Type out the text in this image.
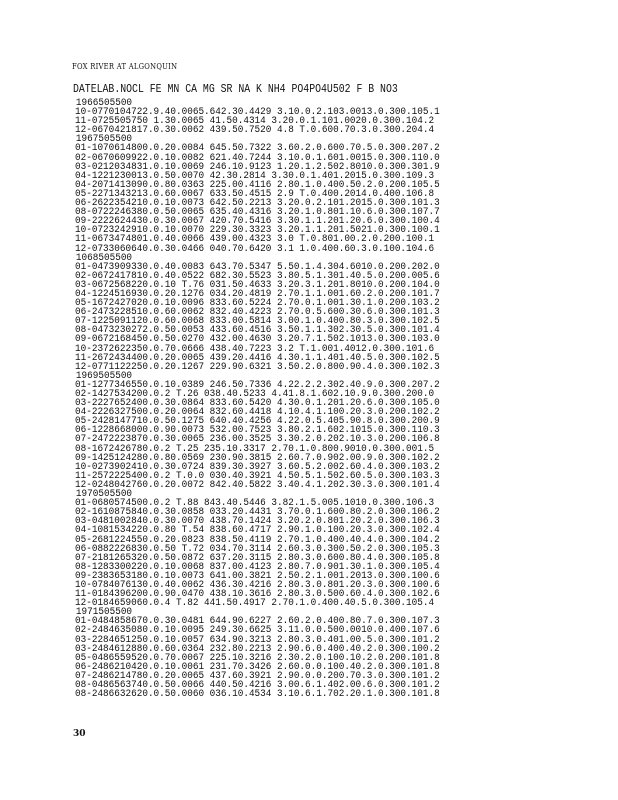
FOX RIVER AT ALGONQUIN
DATELAB.NOCL FE MN CA MG SR NA K NH4 PO4PO4U502 F B NO3
1966505500
10-0770104722.9.40.0065.642.30.4429 3.10.0.2.103.0013.0.300.105.1
11-0725505750 1.30.0065 41.50.4314 3.20.0.1.101.0020.0.300.104.2
12-0670421817.0.30.0062 439.50.7520 4.8 T.0.600.70.3.0.300.204.4
1967505500
01-1070614800.0.20.0084 645.50.7322 3.60.2.0.600.70.5.0.300.207.2
02-0670609922.0.10.0082 621.40.7244 3.10.0.1.601.0015.0.300.110.0
03-0212034831.0.10.0069 246.10.9123 1.20.1.2.502.8010.0.300.301.9
04-1221230013.0.50.0070 42.30.2814 3.30.0.1.401.2015.0.300.109.3
04-2071413090.0.80.0363 225.00.4116 2.80.1.0.400.50.2.0.200.105.5
05-2271343213.0.60.0067 633.50.4515 2.9 T.0.400.2014.0.400.106.8
06-2622354210.0.10.0073 642.50.2213 3.20.0.2.101.2015.0.300.101.3
08-0722246380.0.50.0065 635.40.4316 3.20.1.0.801.10.6.0.300.107.7
09-2222624430.0.30.0067 420.70.5416 3.30.1.1.201.20.6.0.300.100.4
10-0723242910.0.10.0070 229.30.3323 3.20.1.1.201.5021.0.300.100.1
11-0673474801.0.40.0066 439.00.4323 3.0 T.0.801.00.2.0.200.100.1
12-0733060640.0.30.0466 040.70.6420 3.1 1.0.400.60.3.0.100.104.6
1068505500
01-0473909330.0.40.0083 643.70.5347 5.50.1.4.304.6010.0.200.202.0
02-0672417810.0.40.0522 682.30.5523 3.80.5.1.301.40.5.0.200.005.6
03-0672568220.0.10 T.76 031.50.4633 3.20.3.1.201.8010.0.200.104.0
04-1224516930.0.20.1276 034.20.4819 2.70.1.1.001.60.2.0.200.101.7
05-1672427020.0.10.0096 833.60.5224 2.70.0.1.001.30.1.0.200.103.2
06-2473228510.0.60.0062 832.40.4223 2.70.0.5.600.30.6.0.300.101.3
07-1225091120.0.60.0068 833.00.5814 3.00.1.0.400.80.3.0.300.102.5
08-0473230272.0.50.0053 433.60.4516 3.50.1.1.302.30.5.0.300.101.4
09-0672168450.0.50.0270 432.00.4630 3.20.7.1.502.1013.0.300.103.0
10-2372622350.0.70.0666 438.40.7223 3.2 T.1.001.4012.0.300.101.6
11-2672434400.0.20.0065 439.20.4416 4.30.1.1.401.40.5.0.300.102.5
12-0771122250.0.20.1267 229.90.6321 3.50.2.0.800.90.4.0.300.102.3
1969505500
01-1277346550.0.10.0389 246.50.7336 4.22.2.2.302.40.9.0.300.207.2
02-1427534200.0.2 T.26 038.40.5233 4.41.8.1.602.10.9.0.300.200.0
03-2227652400.0.30.0864 833.60.5420 4.30.0.1.201.20.6.0.300.105.0
04-2226327500.0.20.0064 832.60.4418 4.10.4.1.100.20.3.0.200.102.2
05-2428147710.0.50.1275 640.40.4256 4.22.0.5.405.90.8.0.300.200.9
06-1228668000.0.90.0073 532.00.7523 3.80.2.1.602.1015.0.300.110.3
07-2472223870.0.30.0065 236.00.3525 3.30.2.0.202.10.3.0.200.106.8
08-1672426780.0.2 T.25 235.10.3317 2.70.1.0.800.9010.0.300.001.5
09-1425124280.0.80.0569 230.90.3815 2.60.7.0.902.00.9.0.300.102.2
10-0273902410.0.30.0724 839.30.3927 3.60.5.2.002.60.4.0.300.103.2
11-2572225400.0.2 T.0.0 030.40.3921 4.50.5.1.502.60.5.0.300.103.3
12-0248042760.0.20.0072 842.40.5822 3.40.4.1.202.30.3.0.300.101.4
1970505500
01-0680574500.0.2 T.88 843.40.5446 3.82.1.5.005.1010.0.300.106.3
02-1610875840.0.30.0858 033.20.4431 3.70.0.1.600.80.2.0.300.106.2
03-0481002840.0.30.0070 438.70.1424 3.20.2.0.801.20.2.0.300.106.3
04-1081534220.0.80 T.54 838.60.4717 2.90.1.0.100.20.3.0.300.102.4
05-2681224550.0.20.0823 838.50.4119 2.70.1.0.400.40.4.0.300.104.2
06-0882226830.0.50 T.72 034.70.3114 2.60.3.0.300.50.2.0.300.105.3
07-2181265320.0.50.0872 637.20.3115 2.80.3.0.600.80.4.0.300.105.8
08-1283300220.0.10.0068 837.00.4123 2.80.7.0.901.30.1.0.300.105.4
09-2383653180.0.10.0073 641.00.3821 2.50.2.1.001.2013.0.300.100.6
10-0784076130.0.40.0062 436.30.4216 2.80.3.0.801.20.3.0.300.100.6
11-0184396200.0.90.0470 438.10.3616 2.80.3.0.500.60.4.0.300.102.6
12-0184659060.0.4 T.82 441.50.4917 2.70.1.0.400.40.5.0.300.105.4
1971505500
01-0484858670.0.30.0481 644.90.6227 2.60.2.0.400.80.7.0.300.107.3
02-2484635080.0.10.0095 249.30.6625 3.11.0.0.500.0010.0.400.107.6
03-2284651250.0.10.0057 634.90.3213 2.80.3.0.401.00.5.0.300.101.2
03-2484612880.0.60.0364 232.80.2213 2.90.6.0.400.40.2.0.300.100.2
05-0486559520.0.70.0067 225.10.3216 2.30.2.0.100.10.2.0.200.101.8
06-2486210420.0.10.0061 231.70.3426 2.60.0.0.100.40.2.0.300.101.8
07-2486214780.0.20.0065 437.60.3921 2.90.0.0.200.70.3.0.300.101.2
08-0486563740.0.50.0066 440.50.4216 3.00.6.1.402.00.6.0.300.101.2
08-2486632620.0.50.0060 036.10.4534 3.10.6.1.702.20.1.0.300.101.8
30
